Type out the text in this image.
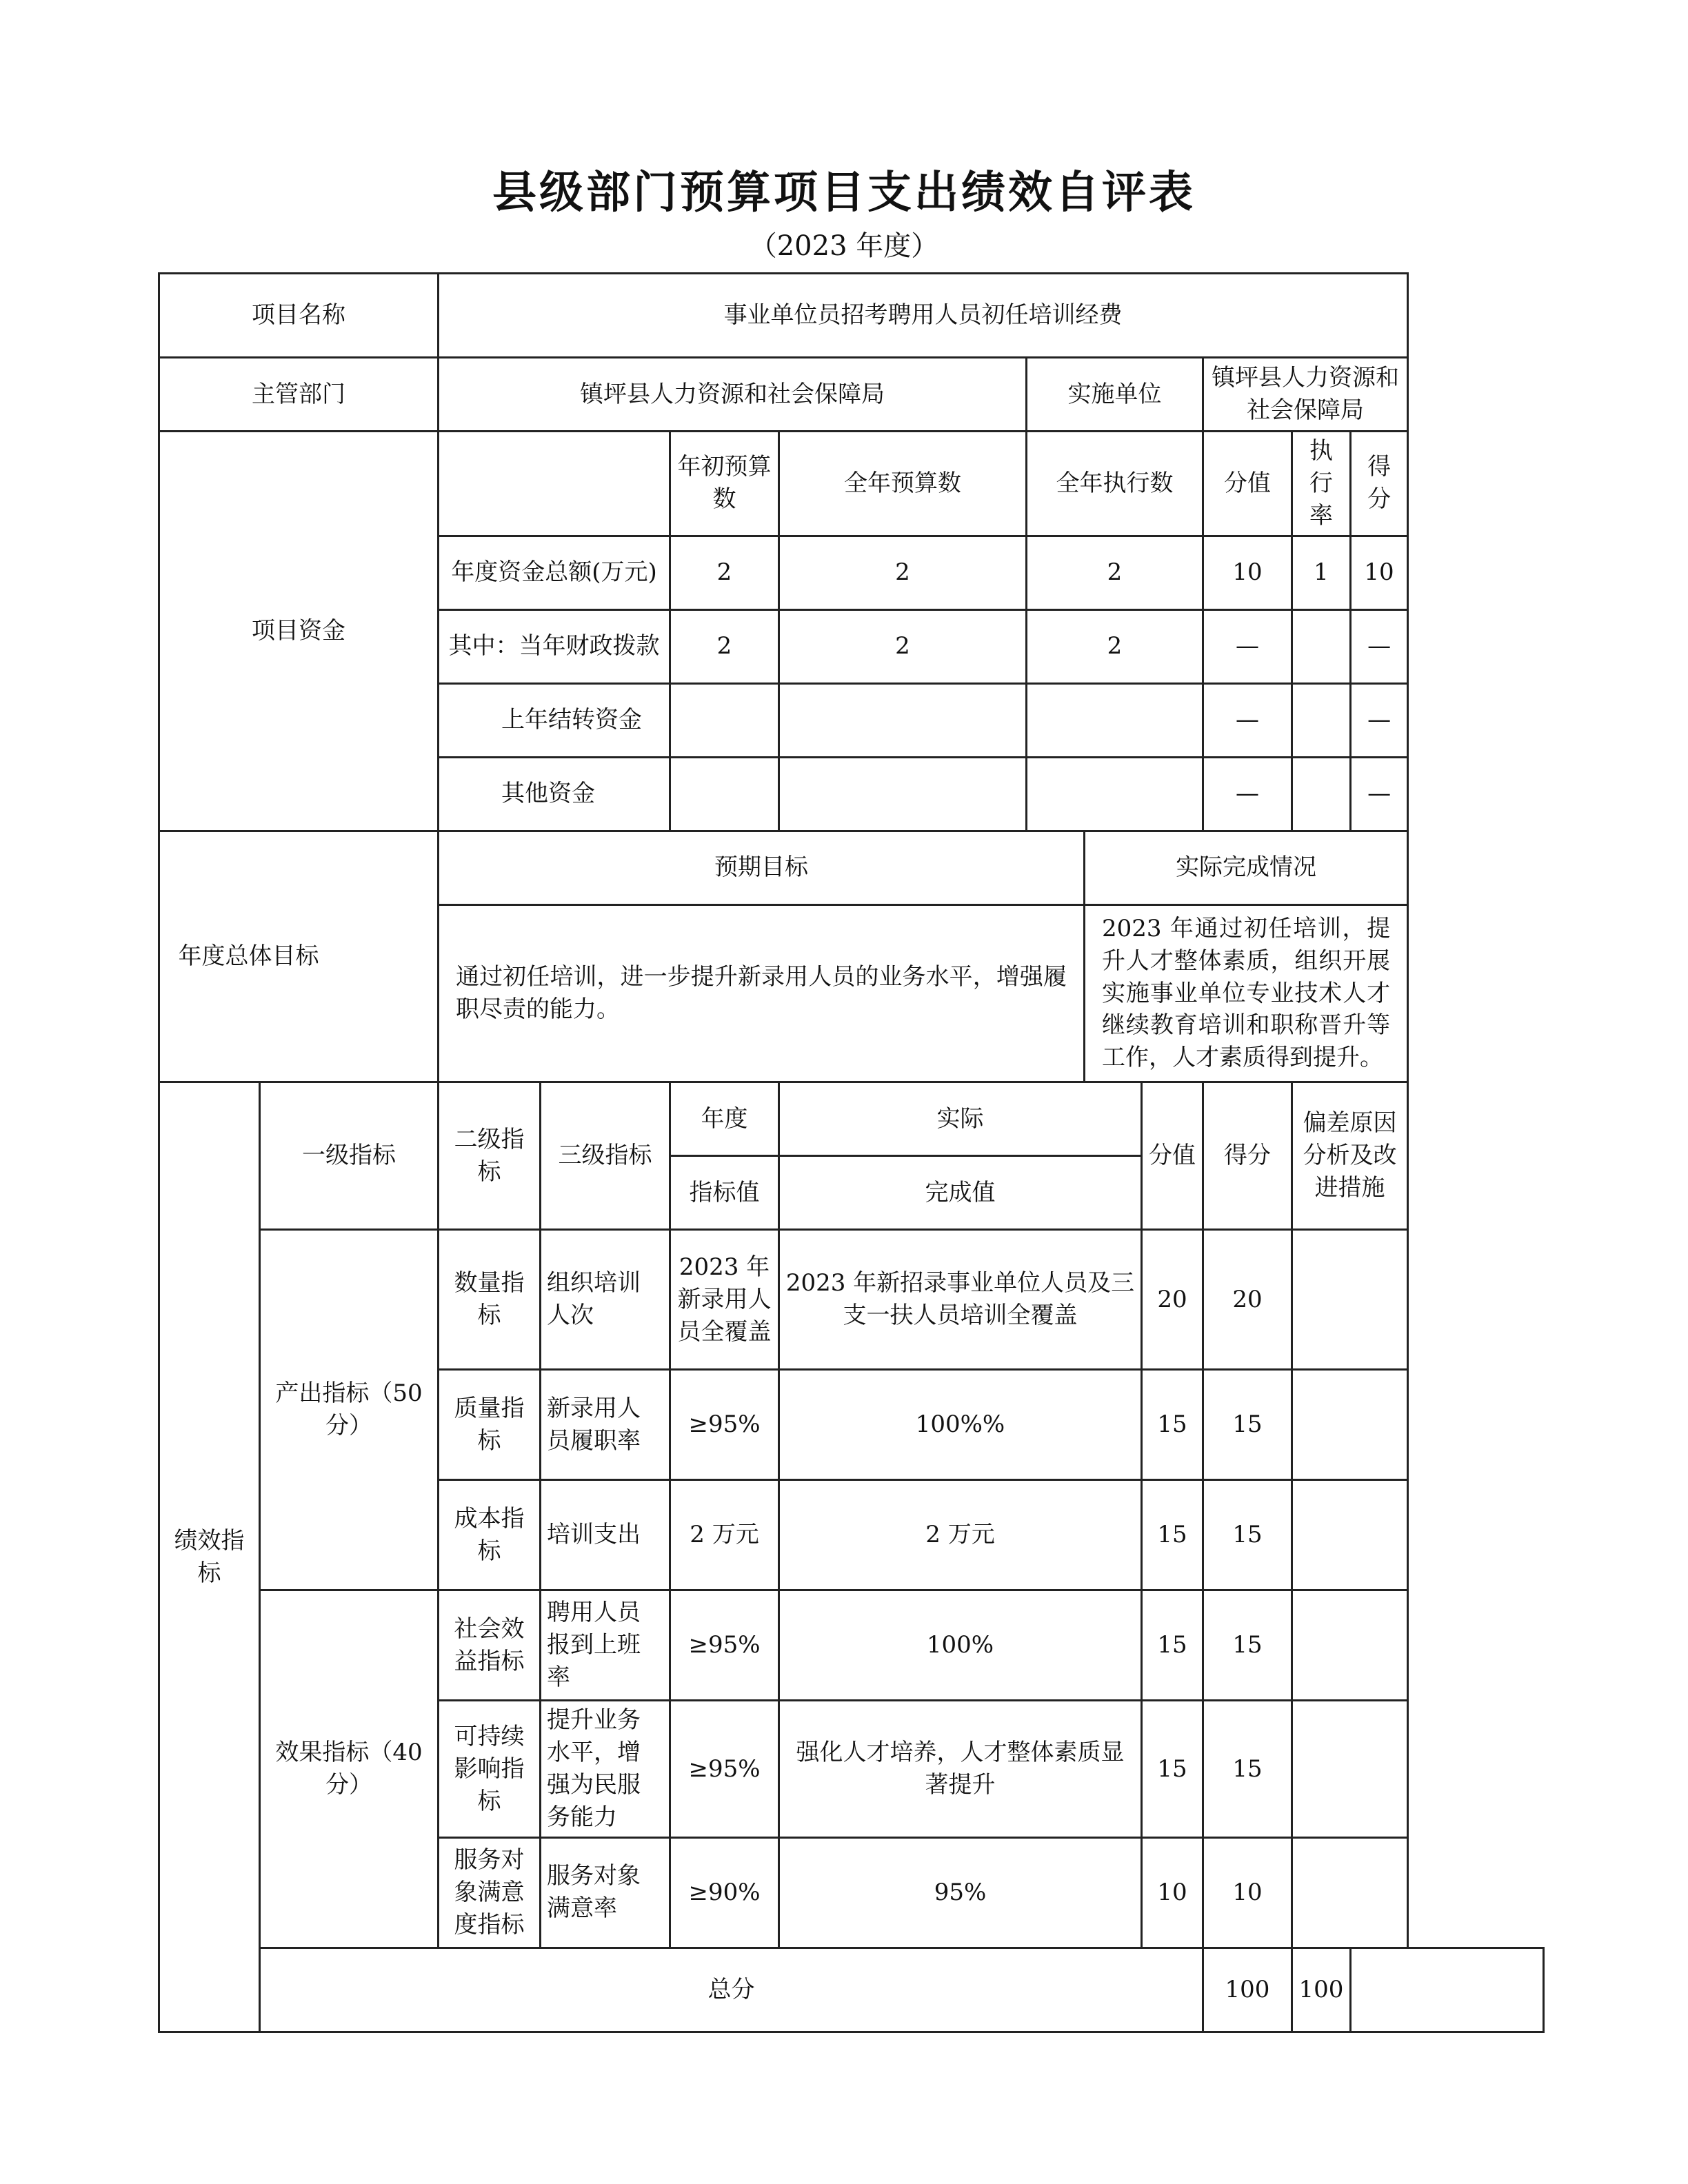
县级部门预算项目支出绩效自评表
（2023 年度）
项目名称		事业单位员招考聘用人员初任培训经费									
主管部门		镇坪县人力资源和社会保障局				实施单位			镇坪县人力资源和社会保障局		
项目资金				年初预算数	全年预算数	全年执行数			分值	执行率	得分
		年度资金总额(万元)		2	2	2			10	1	10
		其中：当年财政拨款		2	2	2			—		—
		上年结转资金							—		—
		其他资金							—		—

年度总体目标		预期目标					实际完成情况				
		通过初任培训，进一步提升新录用人员的业务水平，增强履职尽责的能力。					2023 年通过初任培训，提升人才整体素质，组织开展实施事业单位专业技术人才继续教育培训和职称晋升等工作，人才素质得到提升。				
绩效指标	一级指标	二级指标	三级指标	年度	实际			分值	得分	偏差原因分析及改进措施	
				指标值	完成值						
	产出指标（50分）	数量指标	组织培训人次	2023 年新录用人员全覆盖	2023 年新招录事业单位人员及三支一扶人员培训全覆盖			20	20		
		质量指标	新录用人员履职率	≥95%	100%%			15	15		
		成本指标	培训支出	2 万元	2 万元			15	15		
	效果指标（40分）	社会效益指标	聘用人员报到上班率	≥95%	100%			15	15		
		可持续影响指标	提升业务水平，增强为民服务能力	≥95%	强化人才培养，人才整体素质显著提升			15	15		
		服务对象满意度指标	服务对象满意率	≥90%	95%			10	10		
	总分								100	100	
